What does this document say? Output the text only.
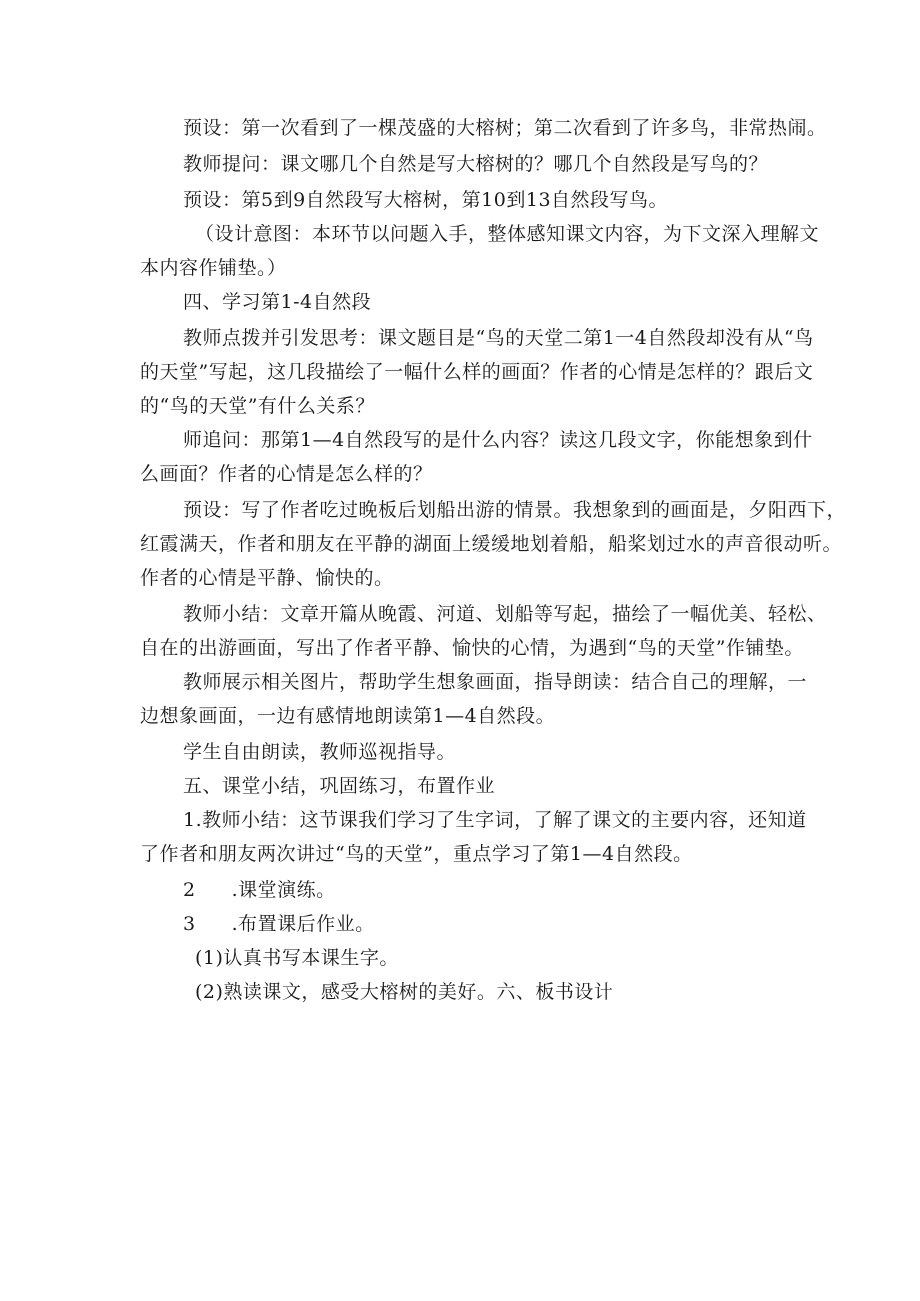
预设：第一次看到了一棵茂盛的大榕树；第二次看到了许多鸟，非常热闹。
教师提问：课文哪几个自然是写大榕树的？哪几个自然段是写鸟的？
预设：第5到9自然段写大榕树，第10到13自然段写鸟。
（设计意图：本环节以问题入手，整体感知课文内容，为下文深入理解文
本内容作铺垫。）
四、学习第1-4自然段
教师点拨并引发思考：课文题目是“鸟的天堂二第1一4自然段却没有从“鸟
的天堂”写起，这几段描绘了一幅什么样的画面？作者的心情是怎样的？跟后文
的“鸟的天堂”有什么关系？
师追问：那第1—4自然段写的是什么内容？读这几段文字，你能想象到什
么画面？作者的心情是怎么样的？
预设：写了作者吃过晚板后划船出游的情景。我想象到的画面是，夕阳西下，
红霞满天，作者和朋友在平静的湖面上缓缓地划着船，船桨划过水的声音很动听。
作者的心情是平静、愉快的。
教师小结：文章开篇从晚霞、河道、划船等写起，描绘了一幅优美、轻松、
自在的出游画面，写出了作者平静、愉快的心情，为遇到“鸟的天堂”作铺垫。
教师展示相关图片，帮助学生想象画面，指导朗读：结合自己的理解，一
边想象画面，一边有感情地朗读第1—4自然段。
学生自由朗读，教师巡视指导。
五、课堂小结，巩固练习，布置作业
1.教师小结：这节课我们学习了生字词，了解了课文的主要内容，还知道
了作者和朋友两次讲过“鸟的天堂”，重点学习了第1—4自然段。
2 .课堂演练。
3 .布置课后作业。
(1)认真书写本课生字。
(2)熟读课文，感受大榕树的美好。六、板书设计
